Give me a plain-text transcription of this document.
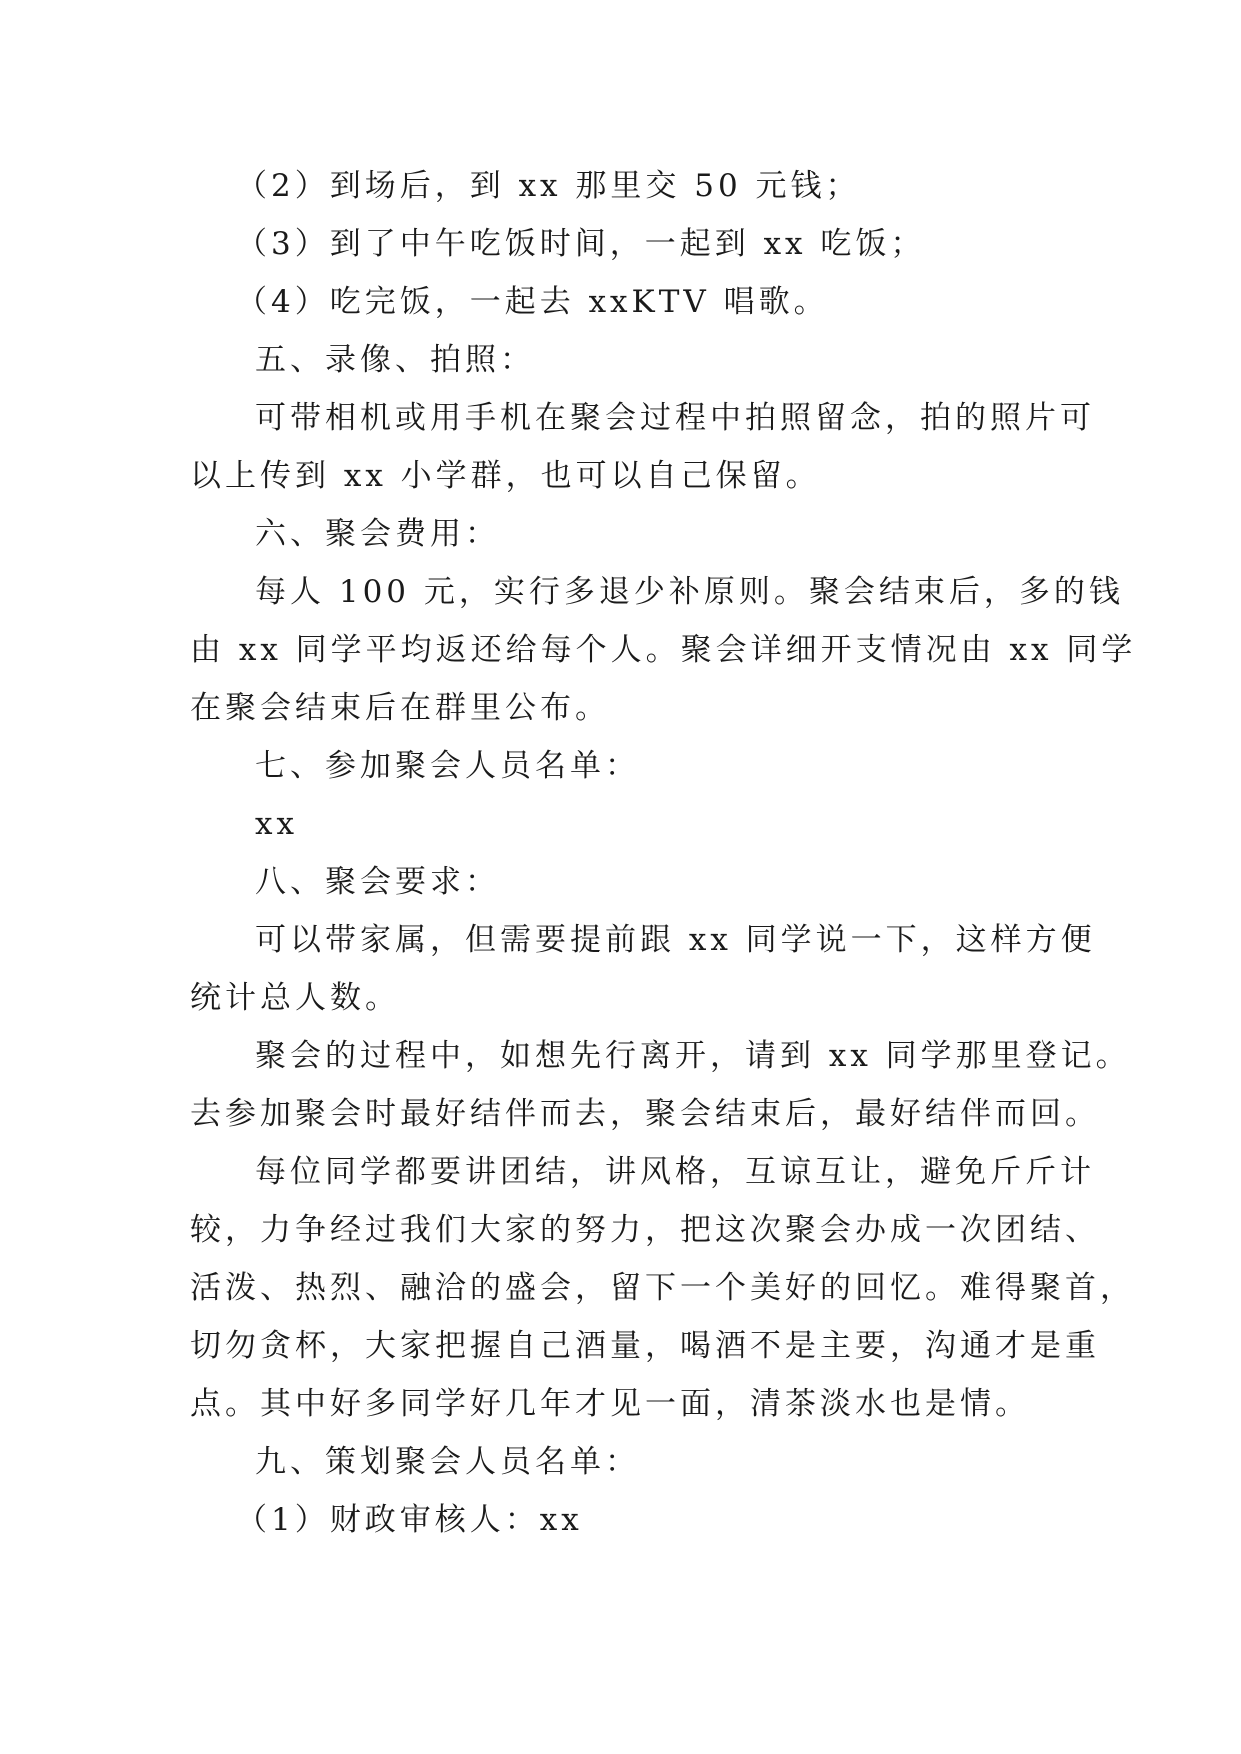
（2）到场后，到 xx 那里交 50 元钱；
（3）到了中午吃饭时间，一起到 xx 吃饭；
（4）吃完饭，一起去 xxKTV 唱歌。
五、录像、拍照：
可带相机或用手机在聚会过程中拍照留念，拍的照片可
以上传到 xx 小学群，也可以自己保留。
六、聚会费用：
每人 100 元，实行多退少补原则。聚会结束后，多的钱
由 xx 同学平均返还给每个人。聚会详细开支情况由 xx 同学
在聚会结束后在群里公布。
七、参加聚会人员名单：
xx
八、聚会要求：
可以带家属，但需要提前跟 xx 同学说一下，这样方便
统计总人数。
聚会的过程中，如想先行离开，请到 xx 同学那里登记。
去参加聚会时最好结伴而去，聚会结束后，最好结伴而回。
每位同学都要讲团结，讲风格，互谅互让，避免斤斤计
较，力争经过我们大家的努力，把这次聚会办成一次团结、
活泼、热烈、融洽的盛会，留下一个美好的回忆。难得聚首，
切勿贪杯，大家把握自己酒量，喝酒不是主要，沟通才是重
点。其中好多同学好几年才见一面，清茶淡水也是情。
九、策划聚会人员名单：
（1）财政审核人：xx
